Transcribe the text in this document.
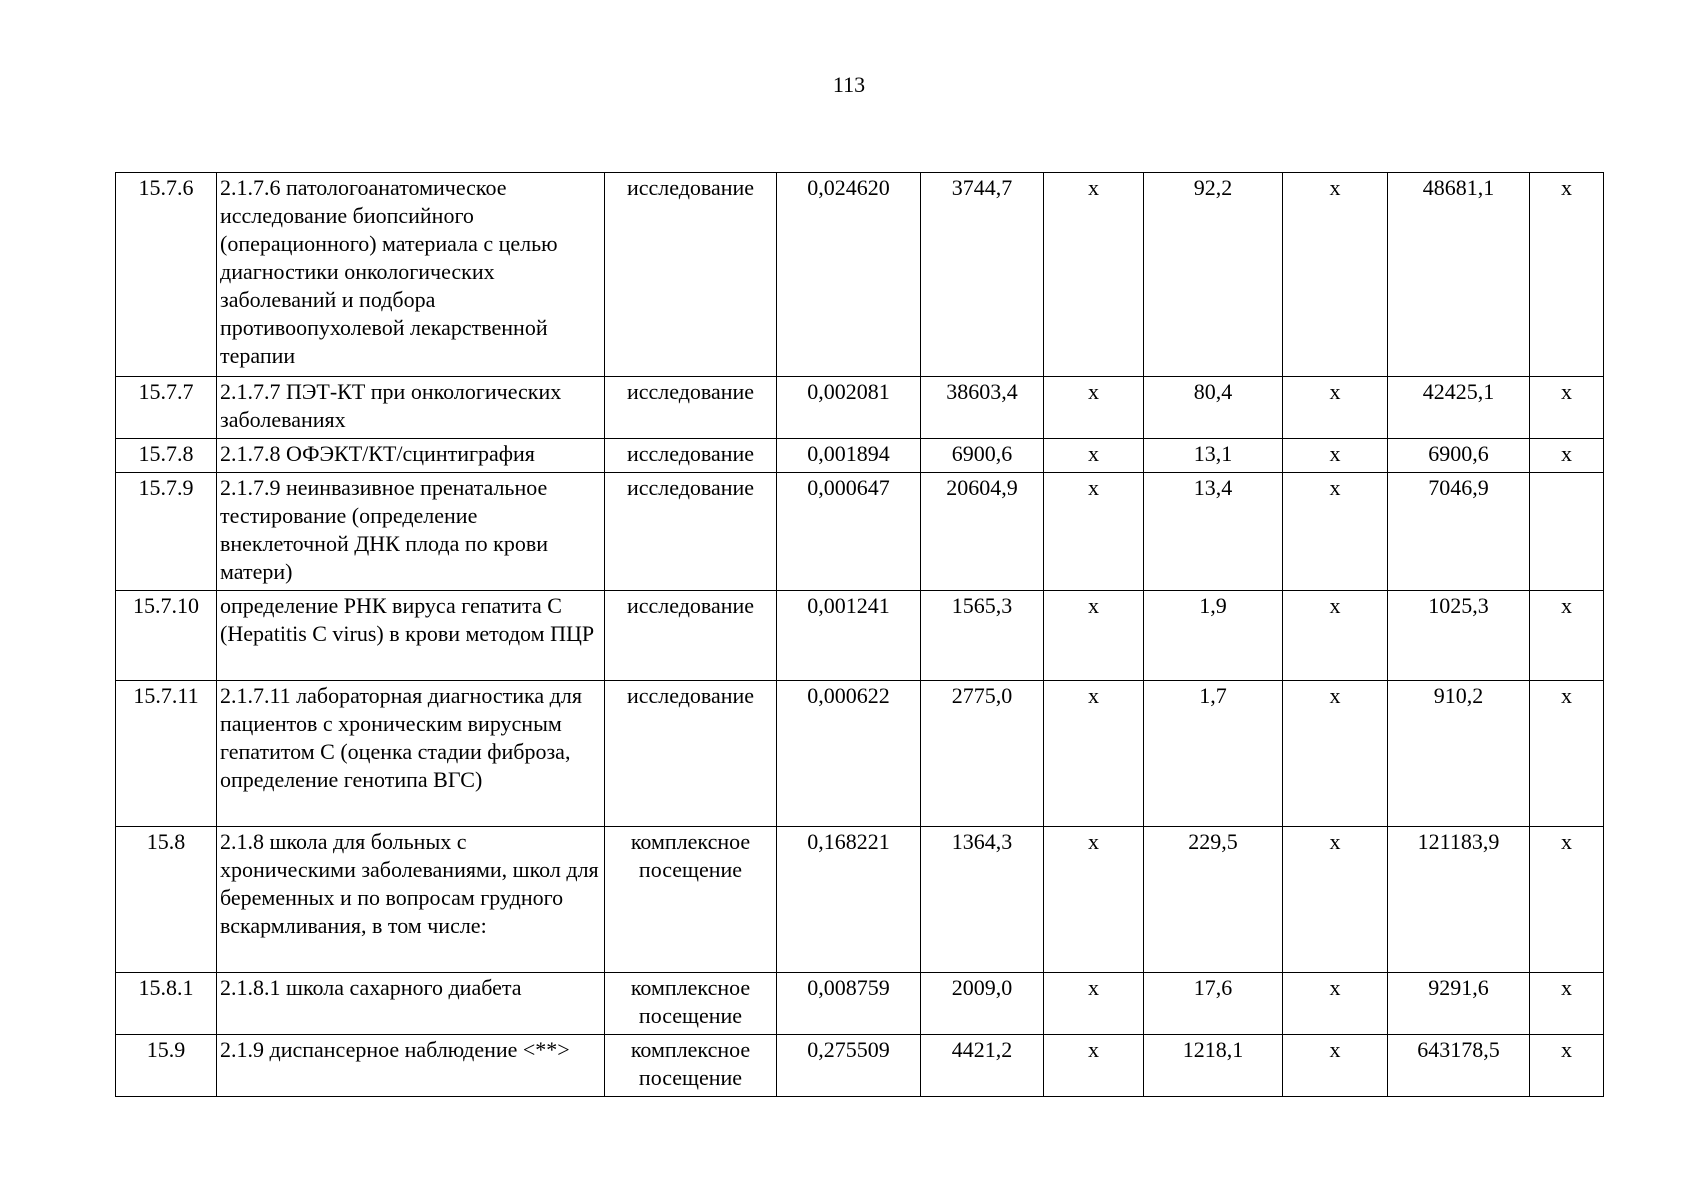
113
15.7.6	2.1.7.6 патологоанатомическое исследование биопсийного (операционного) материала с целью диагностики онкологических заболеваний и подбора противоопухолевой лекарственной терапии	исследование	0,024620	3744,7	х	92,2	х	48681,1	х
15.7.7	2.1.7.7 ПЭТ-КТ при онкологических заболеваниях	исследование	0,002081	38603,4	х	80,4	х	42425,1	х
15.7.8	2.1.7.8 ОФЭКТ/КТ/сцинтиграфия	исследование	0,001894	6900,6	х	13,1	х	6900,6	х
15.7.9	2.1.7.9 неинвазивное пренатальное тестирование (определение внеклеточной ДНК плода по крови матери)	исследование	0,000647	20604,9	х	13,4	х	7046,9	
15.7.10	определение РНК вируса гепатита С (Hepatitis С virus) в крови методом ПЦР	исследование	0,001241	1565,3	х	1,9	х	1025,3	х
15.7.11	2.1.7.11 лабораторная диагностика для пациентов с хроническим вирусным гепатитом С (оценка стадии фиброза, определение генотипа ВГС)	исследование	0,000622	2775,0	х	1,7	х	910,2	х
15.8	2.1.8 школа для больных с хроническими заболеваниями, школ для беременных и по вопросам грудного вскармливания, в том числе:	комплексное посещение	0,168221	1364,3	х	229,5	х	121183,9	х
15.8.1	2.1.8.1 школа сахарного диабета	комплексное посещение	0,008759	2009,0	х	17,6	х	9291,6	х
15.9	2.1.9 диспансерное наблюдение <**>	комплексное посещение	0,275509	4421,2	х	1218,1	х	643178,5	х
